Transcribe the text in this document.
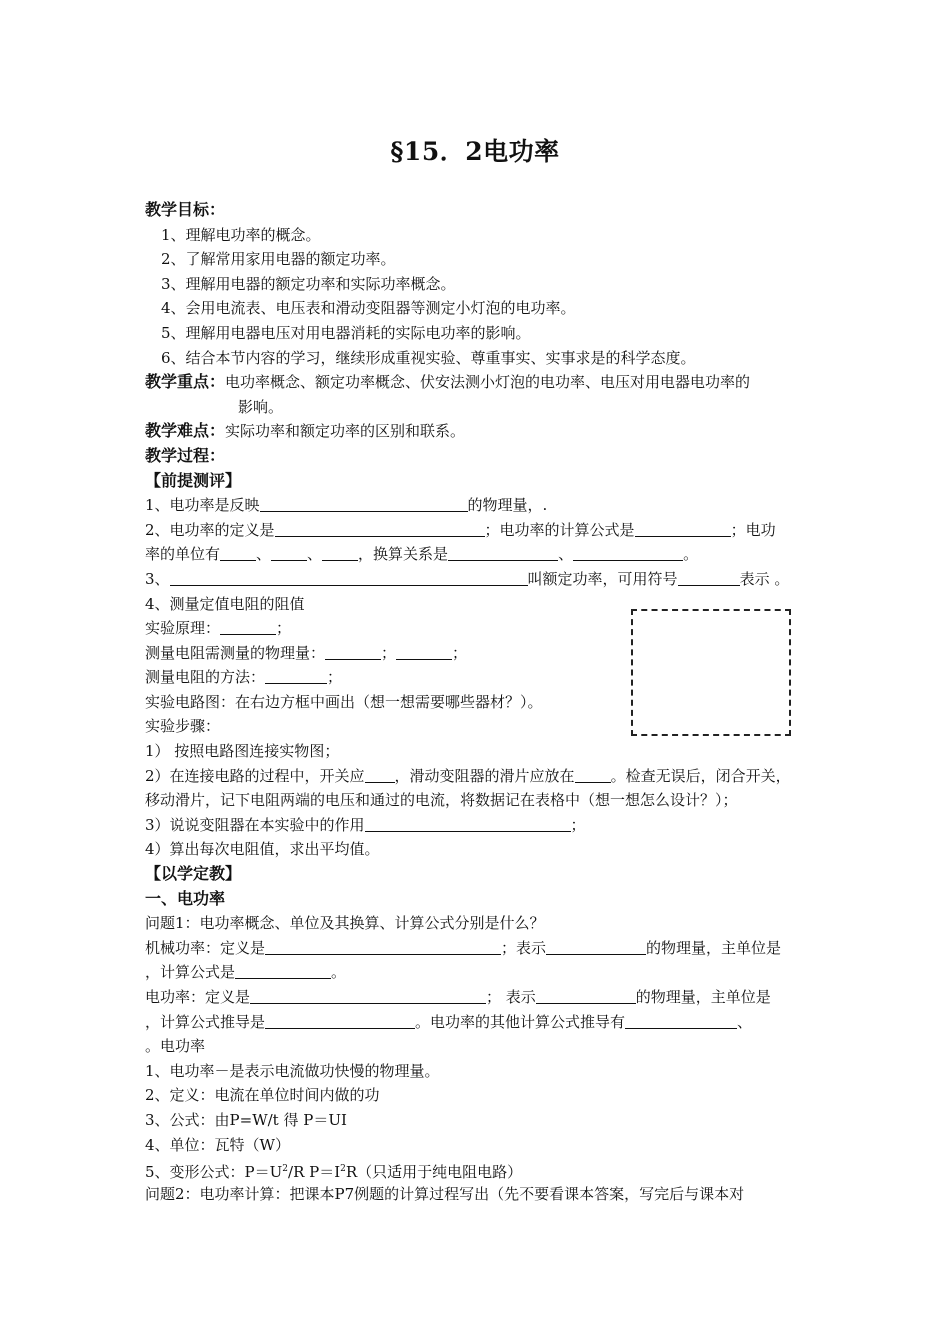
§15．2电功率
教学目标：
1、理解电功率的概念。
2、了解常用家用电器的额定功率。
3、理解用电器的额定功率和实际功率概念。
4、会用电流表、电压表和滑动变阻器等测定小灯泡的电功率。
5、理解用电器电压对用电器消耗的实际电功率的影响。
6、结合本节内容的学习，继续形成重视实验、尊重事实、实事求是的科学态度。
教学重点：电功率概念、额定功率概念、伏安法测小灯泡的电功率、电压对用电器电功率的
影响。
教学难点：实际功率和额定功率的区别和联系。
教学过程：
【前提测评】
1、电功率是反映	的物理量，.
2、电功率的定义是	；电功率的计算公式是	；电功
率的单位有 、 、 ，换算关系是	、	。
3、	叫额定功率，可用符号	表示 。
4、测量定值电阻的阻值
实验原理：	；
测量电阻需测量的物理量：	；	；
测量电阻的方法：	；
实验电路图：在右边方框中画出（想一想需要哪些器材？）。
实验步骤：
1） 按照电路图连接实物图；
2）在连接电路的过程中，开关应 ，滑动变阻器的滑片应放在 。检查无误后，闭合开关，
移动滑片，记下电阻两端的电压和通过的电流，将数据记在表格中（想一想怎么设计？）；
3）说说变阻器在本实验中的作用	；
4）算出每次电阻值，求出平均值。
【以学定教】
一、电功率
问题1：电功率概念、单位及其换算、计算公式分别是什么？
机械功率：定义是	；表示	的物理量，主单位是
，计算公式是	。
电功率：定义是	； 表示	的物理量，主单位是
，计算公式推导是	。电功率的其他计算公式推导有	、
。电功率
1、电功率－是表示电流做功快慢的物理量。
2、定义：电流在单位时间内做的功
3、公式：由P=W/t 得 P＝UI
4、单位：瓦特（W）
5、变形公式：$P=U^2/R$ $P=I^2R$（只适用于纯电阻电路）
问题2：电功率计算：把课本P7例题的计算过程写出（先不要看课本答案，写完后与课本对
